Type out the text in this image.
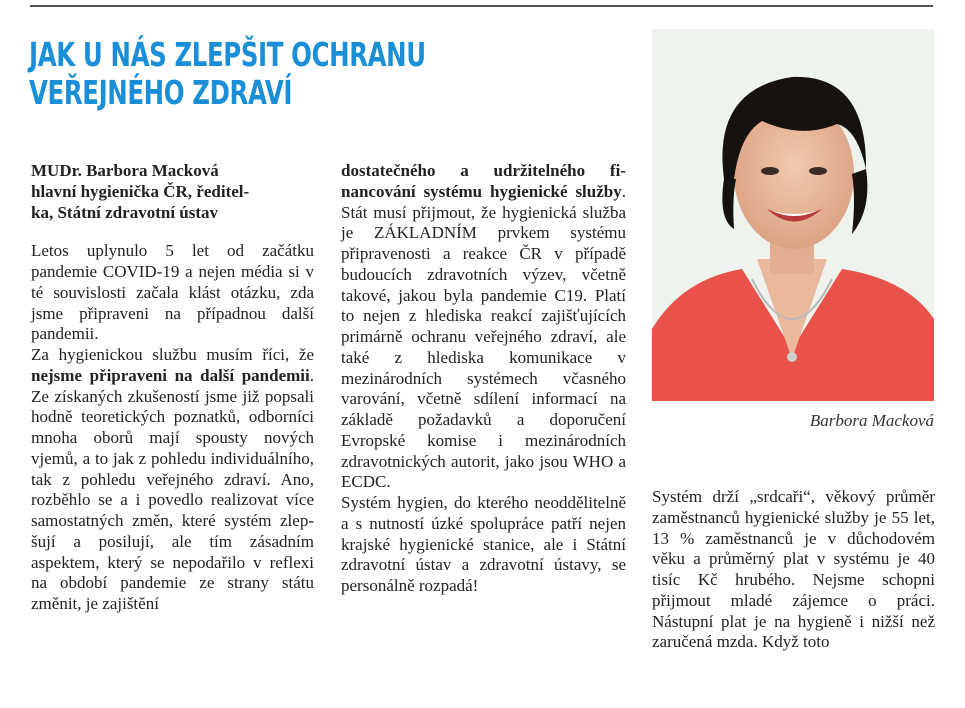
JAK U NÁS ZLEPŠIT OCHRANU
VEŘEJNÉHO ZDRAVÍ

MUDr. Barbora Macková
hlavní hygienička ČR, ředitel-
ka, Státní zdravotní ústav

Letos uplynulo 5 let od začátku pandemie COVID-19 a nejen média si v té souvislosti začala klást otázku, zda jsme připraveni na případnou další pandemii.

Za hygienickou službu musím říci, že nejsme připraveni na další pandemii. Ze získaných zkušeností jsme již popsali hodně teoretických poznatků, odborníci mnoha oborů mají spousty nových vjemů, a to jak z pohledu individuálního, tak z pohledu veřejného zdraví. Ano, rozběhlo se a i povedlo realizovat více samostatných změn, které systém zlepšují a posilují, ale tím zásadním aspektem, který se nepodařilo v reflexi na období pandemie ze strany státu změnit, je zajištění

dostatečného a udržitelného financování systému hygienické služby. Stát musí přijmout, že hygienická služba je ZÁKLADNÍM prvkem systému připravenosti a reakce ČR v případě budoucích zdravotních výzev, včetně takové, jakou byla pandemie C19. Platí to nejen z hlediska reakcí zajišťujících primárně ochranu veřejného zdraví, ale také z hlediska komunikace v mezinárodních systémech včasného varování, včetně sdílení informací na základě požadavků a doporučení Evropské komise i mezinárodních zdravotnických autorit, jako jsou WHO a ECDC.

Systém hygien, do kterého neoddělitelně a s nutností úzké spolupráce patří nejen krajské hygienické stanice, ale i Státní zdravotní ústav a zdravotní ústavy, se personálně rozpadá!

Barbora Macková

Systém drží „srdcaři“, věkový průměr zaměstnanců hygienické služby je 55 let, 13 % zaměstnanců je v důchodovém věku a průměrný plat v systému je 40 tisíc Kč hrubého. Nejsme schopni přijmout mladé zájemce o práci. Nástupní plat je na hygieně i nižší než zaručená mzda. Když toto
